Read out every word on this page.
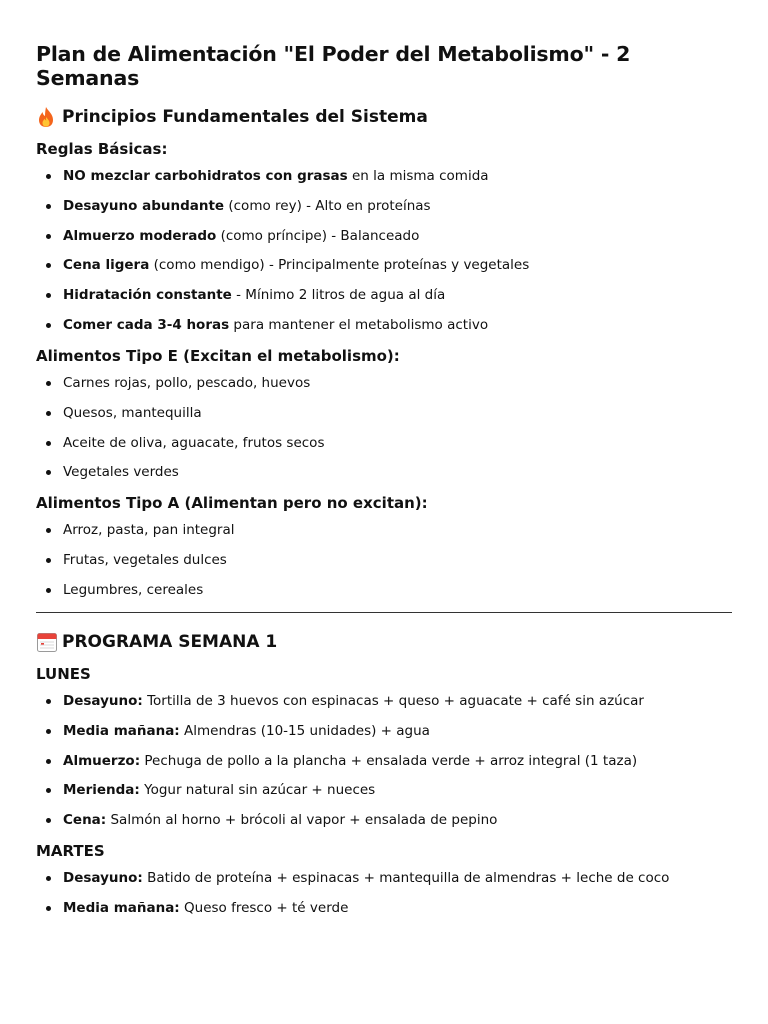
Plan de Alimentación "El Poder del Metabolismo" - 2 Semanas
Principios Fundamentales del Sistema
Reglas Básicas:
NO mezclar carbohidratos con grasas en la misma comida
Desayuno abundante (como rey) - Alto en proteínas
Almuerzo moderado (como príncipe) - Balanceado
Cena ligera (como mendigo) - Principalmente proteínas y vegetales
Hidratación constante - Mínimo 2 litros de agua al día
Comer cada 3-4 horas para mantener el metabolismo activo
Alimentos Tipo E (Excitan el metabolismo):
Carnes rojas, pollo, pescado, huevos
Quesos, mantequilla
Aceite de oliva, aguacate, frutos secos
Vegetales verdes
Alimentos Tipo A (Alimentan pero no excitan):
Arroz, pasta, pan integral
Frutas, vegetales dulces
Legumbres, cereales
PROGRAMA SEMANA 1
LUNES
Desayuno: Tortilla de 3 huevos con espinacas + queso + aguacate + café sin azúcar
Media mañana: Almendras (10-15 unidades) + agua
Almuerzo: Pechuga de pollo a la plancha + ensalada verde + arroz integral (1 taza)
Merienda: Yogur natural sin azúcar + nueces
Cena: Salmón al horno + brócoli al vapor + ensalada de pepino
MARTES
Desayuno: Batido de proteína + espinacas + mantequilla de almendras + leche de coco
Media mañana: Queso fresco + té verde
